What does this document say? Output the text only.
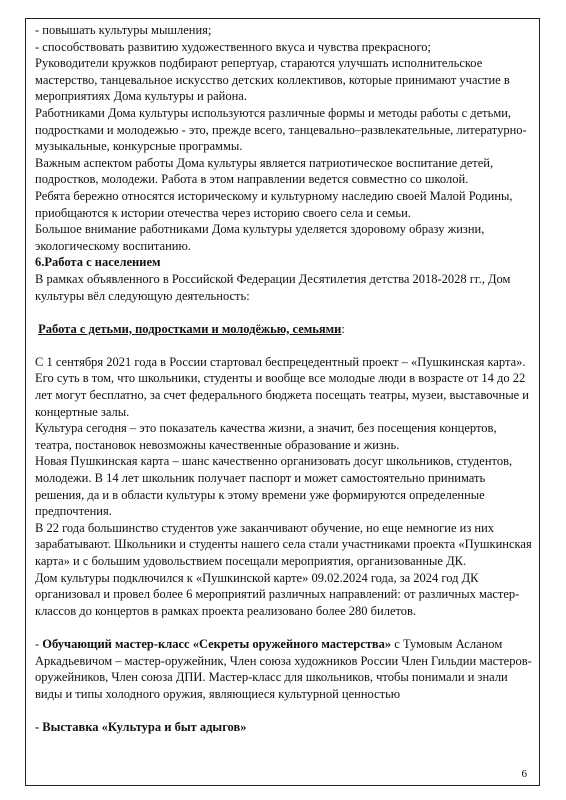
- повышать культуры мышления;

- способствовать развитию художественного вкуса и чувства прекрасного;

Руководители кружков подбирают репертуар, стараются улучшать исполнительское мастерство, танцевальное искусство детских коллективов, которые принимают участие в мероприятиях Дома культуры и района.

Работниками Дома культуры используются различные формы и методы работы с детьми, подростками и молодежью - это, прежде всего, танцевально–развлекательные, литературно-музыкальные, конкурсные программы.

Важным аспектом работы Дома культуры является патриотическое воспитание детей, подростков, молодежи. Работа в этом направлении ведется совместно со школой.

Ребята бережно относятся историческому и культурному наследию своей Малой Родины, приобщаются к истории отечества через историю своего села и семьи.

Большое внимание работниками Дома культуры уделяется здоровому образу жизни, экологическому воспитанию.

6.Работа с населением

В рамках объявленного в Российской Федерации Десятилетия детства 2018-2028 гг., Дом культуры вёл следующую деятельность:

Работа с детьми, подростками и молодёжью, семьями:

С 1 сентября 2021 года в России стартовал беспрецедентный проект – «Пушкинская карта». Его суть в том, что школьники, студенты и вообще все молодые люди в возрасте от 14 до 22 лет могут бесплатно, за счет федерального бюджета посещать театры, музеи, выставочные и концертные залы.

Культура сегодня – это показатель качества жизни, а значит, без посещения концертов, театра, постановок невозможны качественные образование и жизнь.

Новая Пушкинская карта – шанс качественно организовать досуг школьников, студентов, молодежи. В 14 лет школьник получает паспорт и может самостоятельно принимать решения, да и в области культуры к этому времени уже формируются определенные предпочтения.

В 22 года большинство студентов уже заканчивают обучение, но еще немногие из них зарабатывают. Школьники и студенты нашего села стали участниками проекта «Пушкинская карта» и с большим удовольствием посещали мероприятия, организованные ДК.

Дом культуры подключился к «Пушкинской карте» 09.02.2024 года, за 2024 год ДК организовал и провел более 6 мероприятий различных направлений: от различных мастер-классов до концертов в рамках проекта реализовано более 280 билетов.

- Обучающий мастер-класс «Секреты оружейного мастерства» с Тумовым Асланом Аркадьевичом – мастер-оружейник, Член союза художников России Член Гильдии мастеров-оружейников, Член союза ДПИ. Мастер-класс для школьников, чтобы понимали и знали виды и типы холодного оружия, являющиеся культурной ценностью

- Выставка «Культура и быт адыгов»

6
